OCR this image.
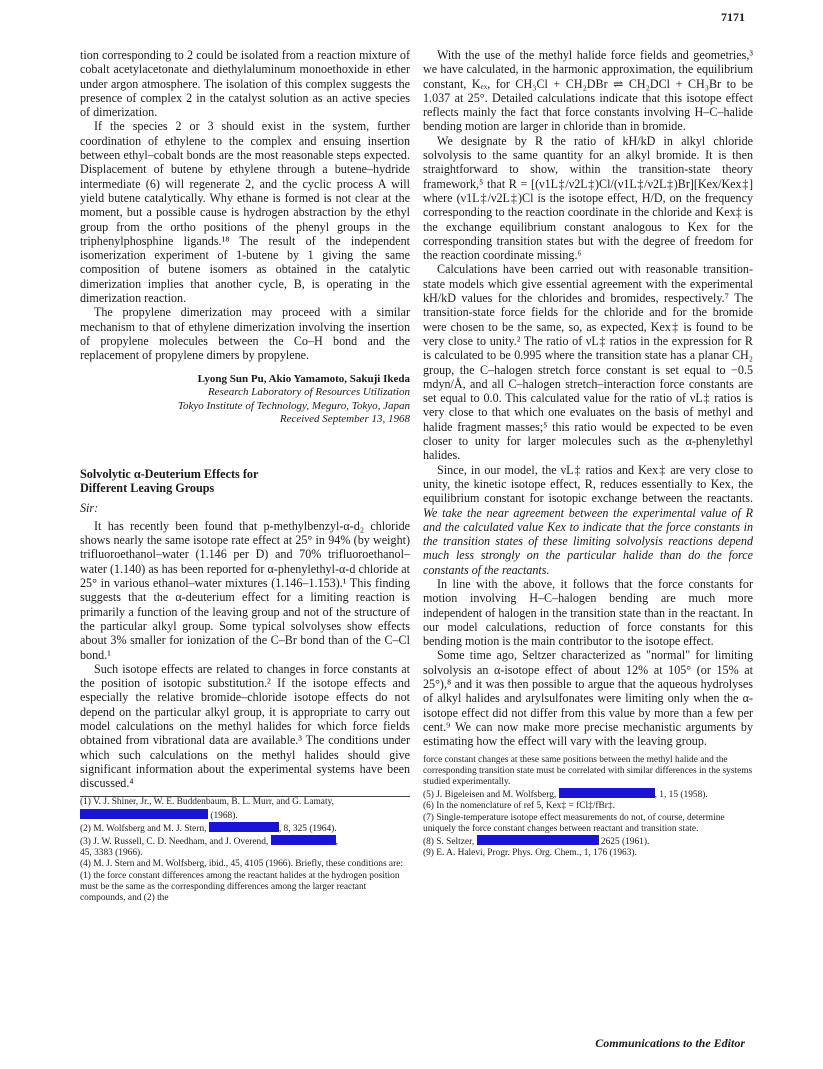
7171

tion corresponding to 2 could be isolated from a reaction mixture of cobalt acetylacetonate and diethylaluminum monoethoxide in ether under argon atmosphere. The isolation of this complex suggests the presence of complex 2 in the catalyst solution as an active species of dimerization.

If the species 2 or 3 should exist in the system, further coordination of ethylene to the complex and ensuing insertion between ethyl–cobalt bonds are the most reasonable steps expected. Displacement of butene by ethylene through a butene–hydride intermediate (6) will regenerate 2, and the cyclic process A will yield butene catalytically. Why ethane is formed is not clear at the moment, but a possible cause is hydrogen abstraction by the ethyl group from the ortho positions of the phenyl groups in the triphenylphosphine ligands.¹⁸ The result of the independent isomerization experiment of 1-butene by 1 giving the same composition of butene isomers as obtained in the catalytic dimerization implies that another cycle, B, is operating in the dimerization reaction.

The propylene dimerization may proceed with a similar mechanism to that of ethylene dimerization involving the insertion of propylene molecules between the Co–H bond and the replacement of propylene dimers by propylene.

Lyong Sun Pu, Akio Yamamoto, Sakuji Ikeda
Research Laboratory of Resources Utilization
Tokyo Institute of Technology, Meguro, Tokyo, Japan
Received September 13, 1968

Solvolytic α-Deuterium Effects for
Different Leaving Groups

Sir:

It has recently been found that p-methylbenzyl-α-d₂ chloride shows nearly the same isotope rate effect at 25° in 94% (by weight) trifluoroethanol–water (1.146 per D) and 70% trifluoroethanol–water (1.140) as has been reported for α-phenylethyl-α-d chloride at 25° in various ethanol–water mixtures (1.146–1.153).¹ This finding suggests that the α-deuterium effect for a limiting reaction is primarily a function of the leaving group and not of the structure of the particular alkyl group. Some typical solvolyses show effects about 3% smaller for ionization of the C–Br bond than of the C–Cl bond.¹

Such isotope effects are related to changes in force constants at the position of isotopic substitution.² If the isotope effects and especially the relative bromide–chloride isotope effects do not depend on the particular alkyl group, it is appropriate to carry out model calculations on the methyl halides for which force fields obtained from vibrational data are available.³ The conditions under which such calculations on the methyl halides should give significant information about the experimental systems have been discussed.⁴

(1) V. J. Shiner, Jr., W. E. Buddenbaum, B. L. Murr, and G. Lamaty,
(1968).
(2) M. Wolfsberg and M. J. Stern,	, 8, 325 (1964).
(3) J. W. Russell, C. D. Needham, and J. Overend,	,
45, 3383 (1966).
(4) M. J. Stern and M. Wolfsberg, ibid., 45, 4105 (1966). Briefly, these conditions are: (1) the force constant differences among the reactant halides at the hydrogen position must be the same as the corresponding differences among the larger reactant compounds, and (2) the

With the use of the methyl halide force fields and geometries,³ we have calculated, in the harmonic approximation, the equilibrium constant, Kₑₓ, for CH₃Cl + CH₂DBr ⇌ CH₂DCl + CH₃Br to be 1.037 at 25°. Detailed calculations indicate that this isotope effect reflects mainly the fact that force constants involving H–C–halide bending motion are larger in chloride than in bromide.

We designate by R the ratio of kH/kD in alkyl chloride solvolysis to the same quantity for an alkyl bromide. It is then straightforward to show, within the transition-state theory framework,⁵ that R = [(ν1L‡/ν2L‡)Cl/(ν1L‡/ν2L‡)Br][Kex/Kex‡] where (ν1L‡/ν2L‡)Cl is the isotope effect, H/D, on the frequency corresponding to the reaction coordinate in the chloride and Kex‡ is the exchange equilibrium constant analogous to Kex for the corresponding transition states but with the degree of freedom for the reaction coordinate missing.⁶

Calculations have been carried out with reasonable transition-state models which give essential agreement with the experimental kH/kD values for the chlorides and bromides, respectively.⁷ The transition-state force fields for the chloride and for the bromide were chosen to be the same, so, as expected, Kex‡ is found to be very close to unity.² The ratio of νL‡ ratios in the expression for R is calculated to be 0.995 where the transition state has a planar CH₂ group, the C–halogen stretch force constant is set equal to −0.5 mdyn/Å, and all C–halogen stretch–interaction force constants are set equal to 0.0. This calculated value for the ratio of νL‡ ratios is very close to that which one evaluates on the basis of methyl and halide fragment masses;⁵ this ratio would be expected to be even closer to unity for larger molecules such as the α-phenylethyl halides.

Since, in our model, the νL‡ ratios and Kex‡ are very close to unity, the kinetic isotope effect, R, reduces essentially to Kex, the equilibrium constant for isotopic exchange between the reactants. We take the near agreement between the experimental value of R and the calculated value Kex to indicate that the force constants in the transition states of these limiting solvolysis reactions depend much less strongly on the particular halide than do the force constants of the reactants.

In line with the above, it follows that the force constants for motion involving H–C–halogen bending are much more independent of halogen in the transition state than in the reactant. In our model calculations, reduction of force constants for this bending motion is the main contributor to the isotope effect.

Some time ago, Seltzer characterized as "normal" for limiting solvolysis an α-isotope effect of about 12% at 105° (or 15% at 25°),⁸ and it was then possible to argue that the aqueous hydrolyses of alkyl halides and arylsulfonates were limiting only when the α-isotope effect did not differ from this value by more than a few per cent.⁹ We can now make more precise mechanistic arguments by estimating how the effect will vary with the leaving group.

force constant changes at these same positions between the methyl halide and the corresponding transition state must be correlated with similar differences in the systems studied experimentally.
(5) J. Bigeleisen and M. Wolfsberg,	, 1, 15 (1958).
(6) In the nomenclature of ref 5, Kex‡ = fCl‡/fBr‡.
(7) Single-temperature isotope effect measurements do not, of course, determine uniquely the force constant changes between reactant and transition state.
(8) S. Seltzer,	2625 (1961).
(9) E. A. Halevi, Progr. Phys. Org. Chem., 1, 176 (1963).
Communications to the Editor
